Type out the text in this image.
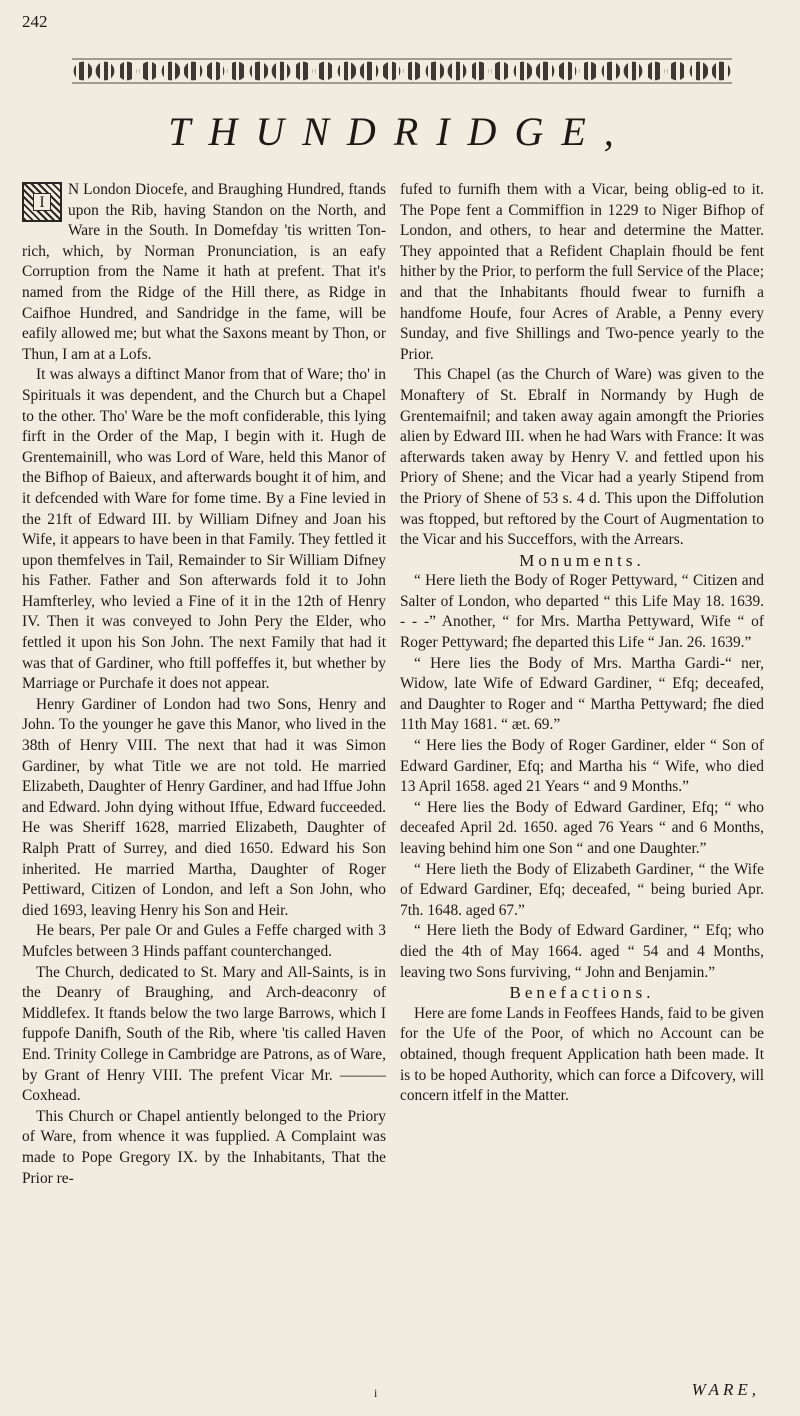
242
THUNDRIDGE,

I
N London Diocefe, and Braughing Hundred, ftands upon the Rib, having Standon on the North, and Ware in the South. In Domefday 'tis written Ton-rich, which, by Norman Pronunciation, is an eafy Corruption from the Name it hath at prefent. That it's named from the Ridge of the Hill there, as Ridge in Caifhoe Hundred, and Sandridge in the fame, will be eafily allowed me; but what the Saxons meant by Thon, or Thun, I am at a Lofs.

It was always a diftinct Manor from that of Ware; tho' in Spirituals it was dependent, and the Church but a Chapel to the other. Tho' Ware be the moft confiderable, this lying firft in the Order of the Map, I begin with it. Hugh de Grentemainill, who was Lord of Ware, held this Manor of the Bifhop of Baieux, and afterwards bought it of him, and it defcended with Ware for fome time. By a Fine levied in the 21ft of Edward III. by William Difney and Joan his Wife, it appears to have been in that Family. They fettled it upon themfelves in Tail, Remainder to Sir William Difney his Father. Father and Son afterwards fold it to John Hamfterley, who levied a Fine of it in the 12th of Henry IV. Then it was conveyed to John Pery the Elder, who fettled it upon his Son John. The next Family that had it was that of Gardiner, who ftill poffeffes it, but whether by Marriage or Purchafe it does not appear.

Henry Gardiner of London had two Sons, Henry and John. To the younger he gave this Manor, who lived in the 38th of Henry VIII. The next that had it was Simon Gardiner, by what Title we are not told. He married Elizabeth, Daughter of Henry Gardiner, and had Iffue John and Edward. John dying without Iffue, Edward fucceeded. He was Sheriff 1628, married Elizabeth, Daughter of Ralph Pratt of Surrey, and died 1650. Edward his Son inherited. He married Martha, Daughter of Roger Pettiward, Citizen of London, and left a Son John, who died 1693, leaving Henry his Son and Heir.

He bears, Per pale Or and Gules a Feffe charged with 3 Mufcles between 3 Hinds paffant counterchanged.

The Church, dedicated to St. Mary and All-Saints, is in the Deanry of Braughing, and Arch-deaconry of Middlefex. It ftands below the two large Barrows, which I fuppofe Danifh, South of the Rib, where 'tis called Haven End. Trinity College in Cambridge are Patrons, as of Ware, by Grant of Henry VIII. The prefent Vicar Mr. ——— Coxhead.

This Church or Chapel antiently belonged to the Priory of Ware, from whence it was fupplied. A Complaint was made to Pope Gregory IX. by the Inhabitants, That the Prior re-

fufed to furnifh them with a Vicar, being oblig-ed to it. The Pope fent a Commiffion in 1229 to Niger Bifhop of London, and others, to hear and determine the Matter. They appointed that a Refident Chaplain fhould be fent hither by the Prior, to perform the full Service of the Place; and that the Inhabitants fhould fwear to furnifh a handfome Houfe, four Acres of Arable, a Penny every Sunday, and five Shillings and Two-pence yearly to the Prior.

This Chapel (as the Church of Ware) was given to the Monaftery of St. Ebralf in Normandy by Hugh de Grentemaifnil; and taken away again amongft the Priories alien by Edward III. when he had Wars with France: It was afterwards taken away by Henry V. and fettled upon his Priory of Shene; and the Vicar had a yearly Stipend from the Priory of Shene of 53 s. 4 d. This upon the Diffolution was ftopped, but reftored by the Court of Augmentation to the Vicar and his Succeffors, with the Arrears.

Monuments.

“ Here lieth the Body of Roger Pettyward, “ Citizen and Salter of London, who departed “ this Life May 18. 1639. - - -” Another, “ for Mrs. Martha Pettyward, Wife “ of Roger Pettyward; fhe departed this Life “ Jan. 26. 1639.”

“ Here lies the Body of Mrs. Martha Gardi-“ ner, Widow, late Wife of Edward Gardiner, “ Efq; deceafed, and Daughter to Roger and “ Martha Pettyward; fhe died 11th May 1681. “ æt. 69.”

“ Here lies the Body of Roger Gardiner, elder “ Son of Edward Gardiner, Efq; and Martha his “ Wife, who died 13 April 1658. aged 21 Years “ and 9 Months.”

“ Here lies the Body of Edward Gardiner, Efq; “ who deceafed April 2d. 1650. aged 76 Years “ and 6 Months, leaving behind him one Son “ and one Daughter.”

“ Here lieth the Body of Elizabeth Gardiner, “ the Wife of Edward Gardiner, Efq; deceafed, “ being buried Apr. 7th. 1648. aged 67.”

“ Here lieth the Body of Edward Gardiner, “ Efq; who died the 4th of May 1664. aged “ 54 and 4 Months, leaving two Sons furviving, “ John and Benjamin.”

Benefactions.

Here are fome Lands in Feoffees Hands, faid to be given for the Ufe of the Poor, of which no Account can be obtained, though frequent Application hath been made. It is to be hoped Authority, which can force a Difcovery, will concern itfelf in the Matter.

i	WARE,
